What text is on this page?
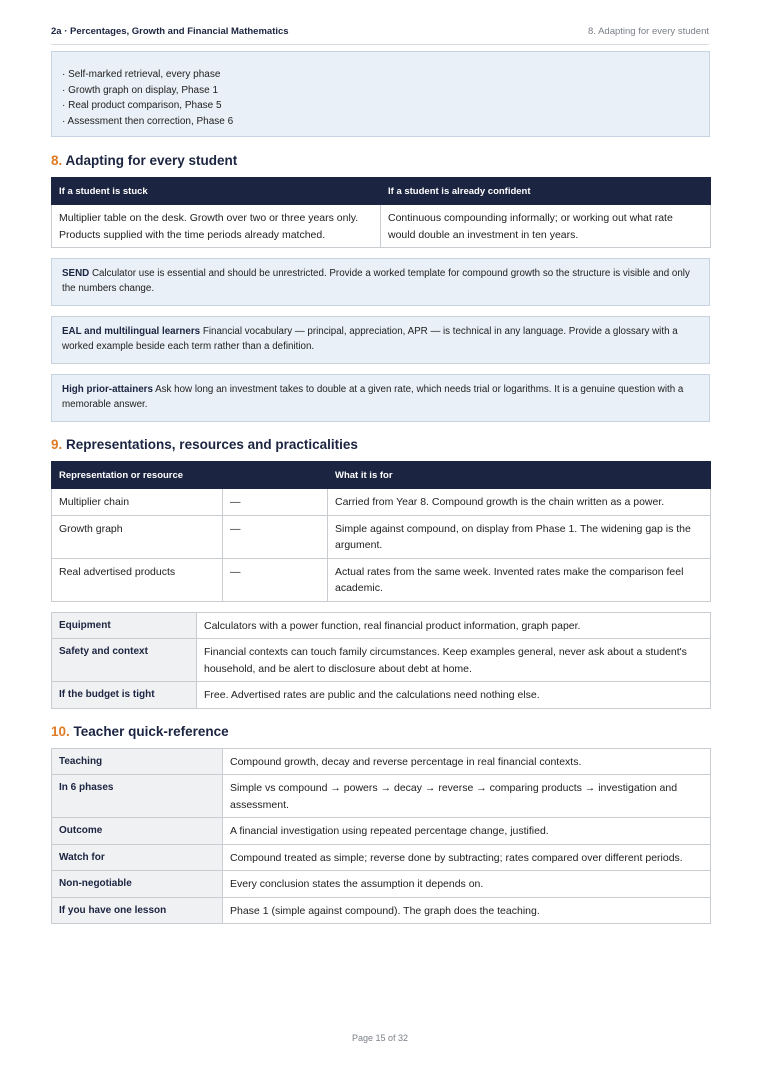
2a · Percentages, Growth and Financial Mathematics	8. Adapting for every student
· Self-marked retrieval, every phase
· Growth graph on display, Phase 1
· Real product comparison, Phase 5
· Assessment then correction, Phase 6
8. Adapting for every student
If a student is stuck	If a student is already confident
Multiplier table on the desk. Growth over two or three years only. Products supplied with the time periods already matched.	Continuous compounding informally; or working out what rate would double an investment in ten years.
SEND Calculator use is essential and should be unrestricted. Provide a worked template for compound growth so the structure is visible and only the numbers change.
EAL and multilingual learners Financial vocabulary — principal, appreciation, APR — is technical in any language. Provide a glossary with a worked example beside each term rather than a definition.
High prior-attainers Ask how long an investment takes to double at a given rate, which needs trial or logarithms. It is a genuine question with a memorable answer.
9. Representations, resources and practicalities
Representation or resource		What it is for
Multiplier chain	—	Carried from Year 8. Compound growth is the chain written as a power.
Growth graph	—	Simple against compound, on display from Phase 1. The widening gap is the argument.
Real advertised products	—	Actual rates from the same week. Invented rates make the comparison feel academic.
Equipment	Calculators with a power function, real financial product information, graph paper.
Safety and context	Financial contexts can touch family circumstances. Keep examples general, never ask about a student's household, and be alert to disclosure about debt at home.
If the budget is tight	Free. Advertised rates are public and the calculations need nothing else.
10. Teacher quick-reference
Teaching	Compound growth, decay and reverse percentage in real financial contexts.
In 6 phases	Simple vs compound → powers → decay → reverse → comparing products → investigation and assessment.
Outcome	A financial investigation using repeated percentage change, justified.
Watch for	Compound treated as simple; reverse done by subtracting; rates compared over different periods.
Non-negotiable	Every conclusion states the assumption it depends on.
If you have one lesson	Phase 1 (simple against compound). The graph does the teaching.
Page 15 of 32
